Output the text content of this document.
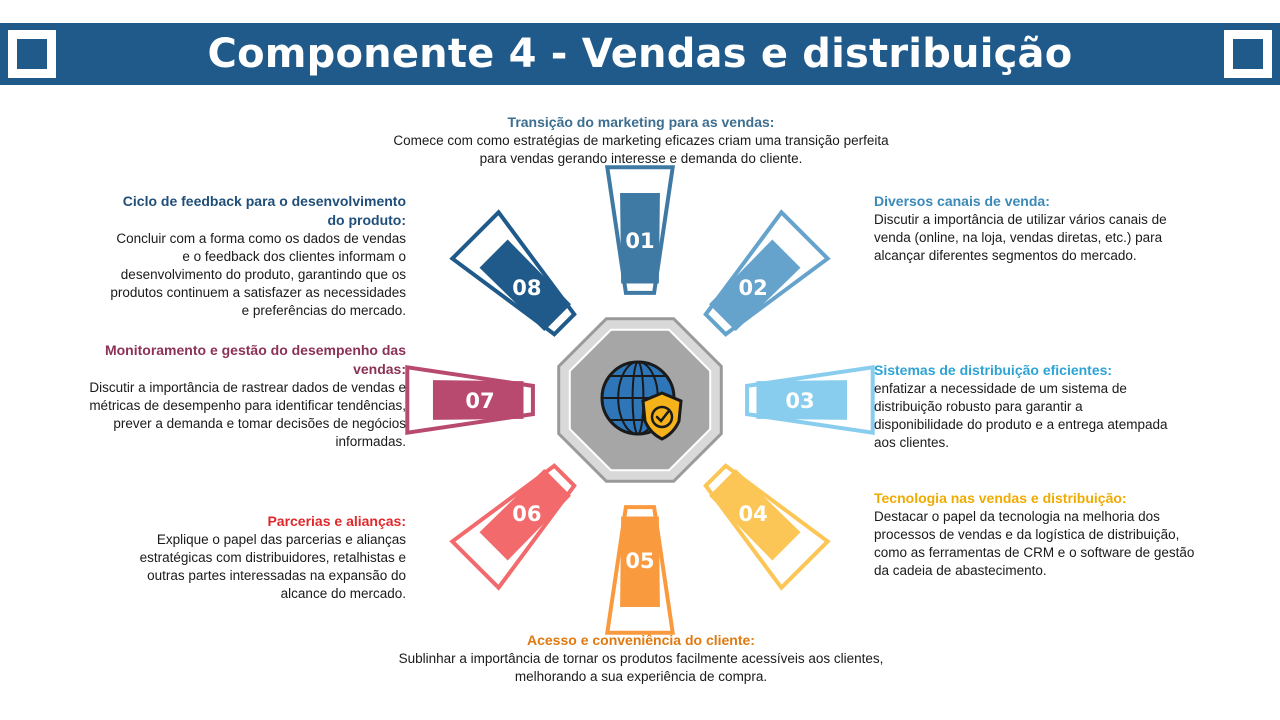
Componente 4 - Vendas e distribuição
01
02
03
04
05
06
07
08
Transição do marketing para as vendas:
Comece com como estratégias de marketing eficazes criam uma transição perfeita para vendas gerando interesse e demanda do cliente.
Diversos canais de venda:
Discutir a importância de utilizar vários canais de venda (online, na loja, vendas diretas, etc.) para alcançar diferentes segmentos do mercado.
Sistemas de distribuição eficientes:
enfatizar a necessidade de um sistema de distribuição robusto para garantir a disponibilidade do produto e a entrega atempada aos clientes.
Tecnologia nas vendas e distribuição:
Destacar o papel da tecnologia na melhoria dos processos de vendas e da logística de distribuição, como as ferramentas de CRM e o software de gestão da cadeia de abastecimento.
Acesso e conveniência do cliente:
Sublinhar a importância de tornar os produtos facilmente acessíveis aos clientes, melhorando a sua experiência de compra.
Parcerias e alianças:
Explique o papel das parcerias e alianças estratégicas com distribuidores, retalhistas e outras partes interessadas na expansão do alcance do mercado.
Monitoramento e gestão do desempenho das vendas:
Discutir a importância de rastrear dados de vendas e métricas de desempenho para identificar tendências, prever a demanda e tomar decisões de negócios informadas.
Ciclo de feedback para o desenvolvimento do produto:
Concluir com a forma como os dados de vendas e o feedback dos clientes informam o desenvolvimento do produto, garantindo que os produtos continuem a satisfazer as necessidades e preferências do mercado.
